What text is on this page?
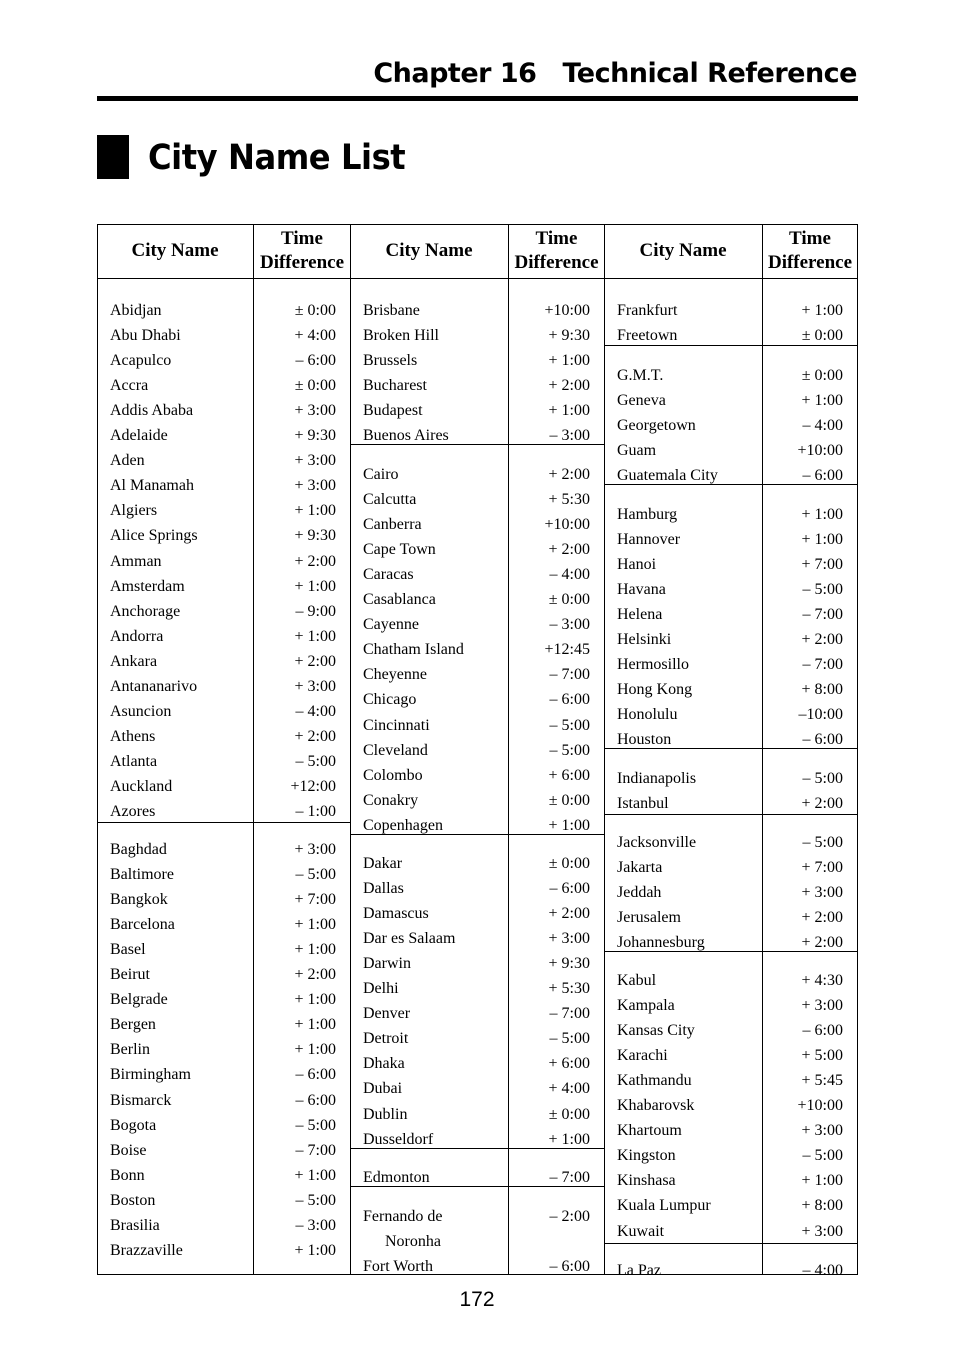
Chapter 16 Technical Reference
City Name List
City Name
Time
Difference
Abidjan	± 0:00
Abu Dhabi	+ 4:00
Acapulco	– 6:00
Accra	± 0:00
Addis Ababa	+ 3:00
Adelaide	+ 9:30
Aden	+ 3:00
Al Manamah	+ 3:00
Algiers	+ 1:00
Alice Springs	+ 9:30
Amman	+ 2:00
Amsterdam	+ 1:00
Anchorage	– 9:00
Andorra	+ 1:00
Ankara	+ 2:00
Antananarivo	+ 3:00
Asuncion	– 4:00
Athens	+ 2:00
Atlanta	– 5:00
Auckland	+12:00
Azores	– 1:00
Baghdad	+ 3:00
Baltimore	– 5:00
Bangkok	+ 7:00
Barcelona	+ 1:00
Basel	+ 1:00
Beirut	+ 2:00
Belgrade	+ 1:00
Bergen	+ 1:00
Berlin	+ 1:00
Birmingham	– 6:00
Bismarck	– 6:00
Bogota	– 5:00
Boise	– 7:00
Bonn	+ 1:00
Boston	– 5:00
Brasilia	– 3:00
Brazzaville	+ 1:00
City Name
Time
Difference
Brisbane	+10:00
Broken Hill	+ 9:30
Brussels	+ 1:00
Bucharest	+ 2:00
Budapest	+ 1:00
Buenos Aires	– 3:00
Cairo	+ 2:00
Calcutta	+ 5:30
Canberra	+10:00
Cape Town	+ 2:00
Caracas	– 4:00
Casablanca	± 0:00
Cayenne	– 3:00
Chatham Island	+12:45
Cheyenne	– 7:00
Chicago	– 6:00
Cincinnati	– 5:00
Cleveland	– 5:00
Colombo	+ 6:00
Conakry	± 0:00
Copenhagen	+ 1:00
Dakar	± 0:00
Dallas	– 6:00
Damascus	+ 2:00
Dar es Salaam	+ 3:00
Darwin	+ 9:30
Delhi	+ 5:30
Denver	– 7:00
Detroit	– 5:00
Dhaka	+ 6:00
Dubai	+ 4:00
Dublin	± 0:00
Dusseldorf	+ 1:00
Edmonton	– 7:00
Fernando de	– 2:00
Noronha
Fort Worth	– 6:00
City Name
Time
Difference
Frankfurt	+ 1:00
Freetown	± 0:00
G.M.T.	± 0:00
Geneva	+ 1:00
Georgetown	– 4:00
Guam	+10:00
Guatemala City	– 6:00
Hamburg	+ 1:00
Hannover	+ 1:00
Hanoi	+ 7:00
Havana	– 5:00
Helena	– 7:00
Helsinki	+ 2:00
Hermosillo	– 7:00
Hong Kong	+ 8:00
Honolulu	–10:00
Houston	– 6:00
Indianapolis	– 5:00
Istanbul	+ 2:00
Jacksonville	– 5:00
Jakarta	+ 7:00
Jeddah	+ 3:00
Jerusalem	+ 2:00
Johannesburg	+ 2:00
Kabul	+ 4:30
Kampala	+ 3:00
Kansas City	– 6:00
Karachi	+ 5:00
Kathmandu	+ 5:45
Khabarovsk	+10:00
Khartoum	+ 3:00
Kingston	– 5:00
Kinshasa	+ 1:00
Kuala Lumpur	+ 8:00
Kuwait	+ 3:00
La Paz	– 4:00
172
